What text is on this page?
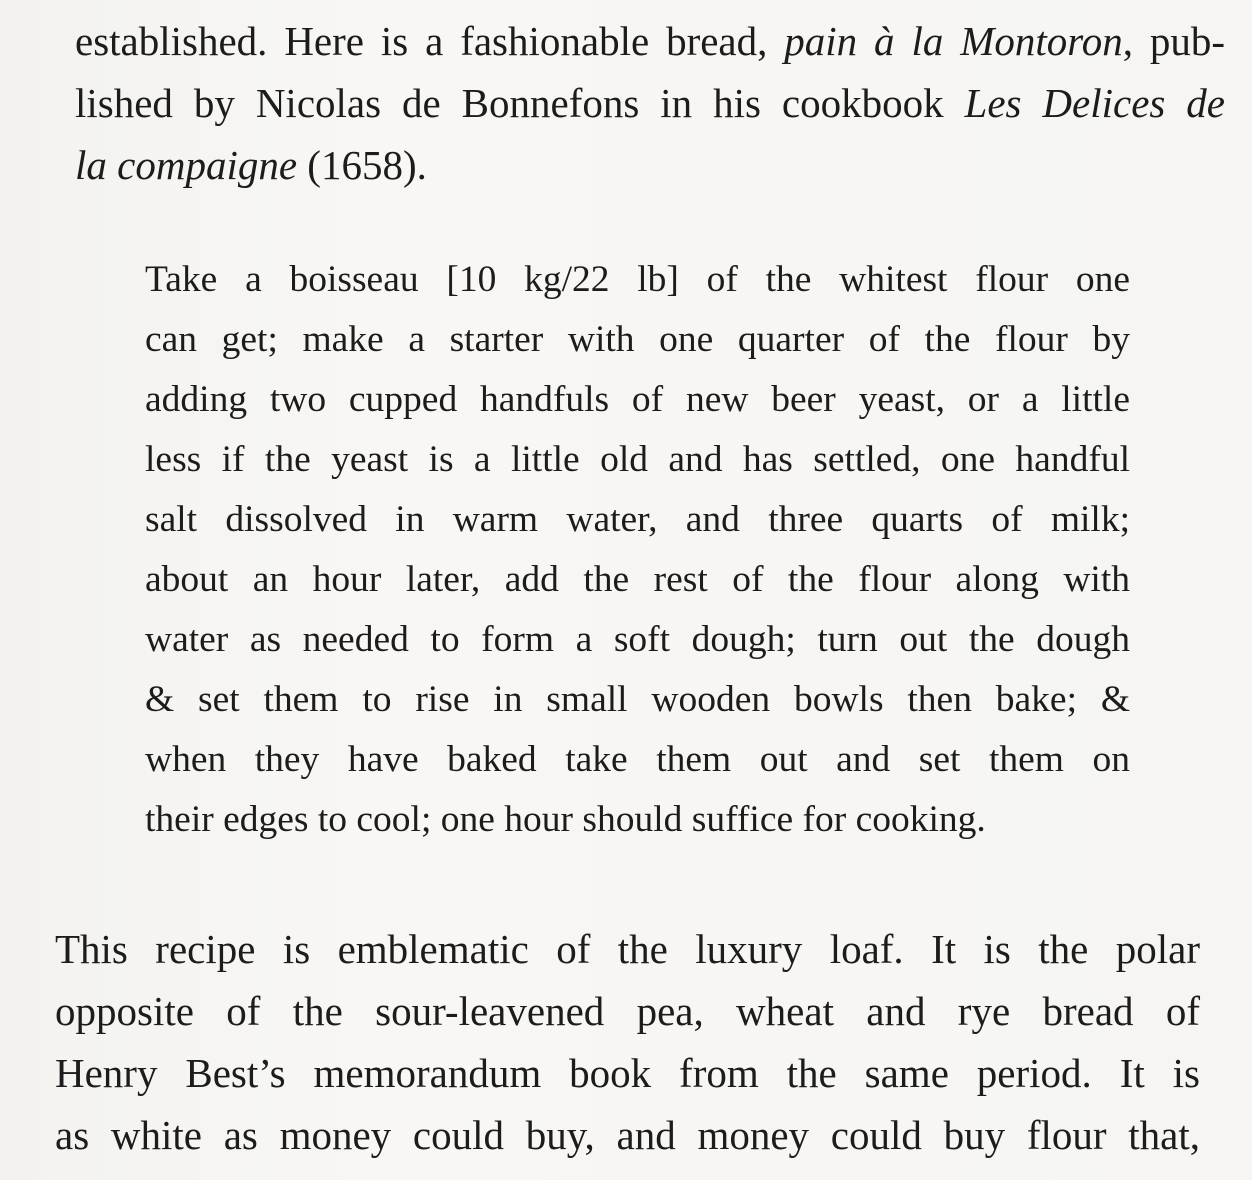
established. Here is a fashionable bread, pain à la Montoron, pub-
lished by Nicolas de Bonnefons in his cookbook Les Delices de
la compaigne (1658).
Take a boisseau [10 kg/22 lb] of the whitest flour one
can get; make a starter with one quarter of the flour by
adding two cupped handfuls of new beer yeast, or a little
less if the yeast is a little old and has settled, one handful
salt dissolved in warm water, and three quarts of milk;
about an hour later, add the rest of the flour along with
water as needed to form a soft dough; turn out the dough
& set them to rise in small wooden bowls then bake; &
when they have baked take them out and set them on
their edges to cool; one hour should suffice for cooking.
This recipe is emblematic of the luxury loaf. It is the polar
opposite of the sour-leavened pea, wheat and rye bread of
Henry Best’s memorandum book from the same period. It is
as white as money could buy, and money could buy flour that,
